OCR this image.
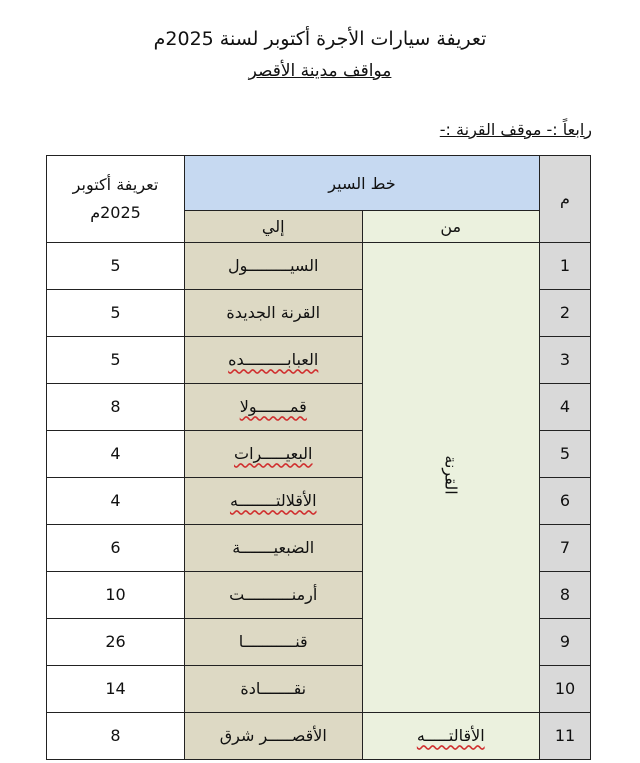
تعريفة سيارات الأجرة أكتوبر لسنة 2025م
مواقف مدينة الأقصر
رابعاً :- موقف القرنة :-
م	خط السير		تعريفة أكتوبر 2025م
	من	إلي	
1	القرنة	السيـــــــــول	5
2		القرنة الجديدة	5
3		العبابـــــــــده	5
4		قمـــــــولا	8
5		البعيـــــرات	4
6		الأقلالتــــــــه	4
7		الضبعيـــــــة	6
8		أرمنــــــــــت	10
9		قنـــــــــــا	26
10		نقـــــــادة	14
11	الأقالتـــــه	الأقصـــــر شرق	8
